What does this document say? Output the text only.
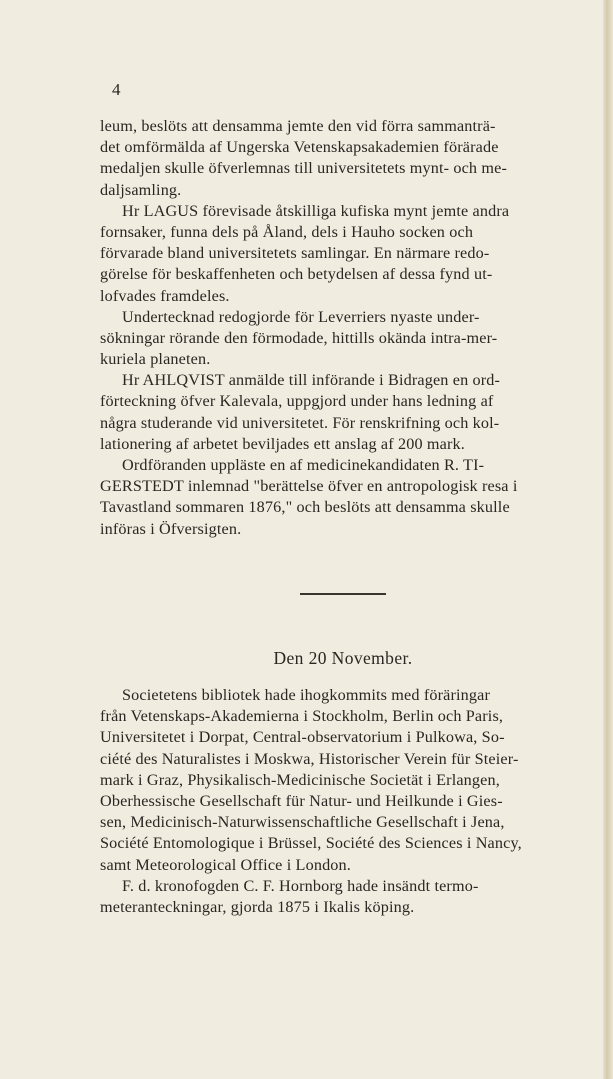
4
leum, beslöts att densamma jemte den vid förra sammanträ-
det omförmälda af Ungerska Vetenskapsakademien förärade
medaljen skulle öfverlemnas till universitetets mynt- och me-
daljsamling.
Hr LAGUS förevisade åtskilliga kufiska mynt jemte andra
fornsaker, funna dels på Åland, dels i Hauho socken och
förvarade bland universitetets samlingar. En närmare redo-
görelse för beskaffenheten och betydelsen af dessa fynd ut-
lofvades framdeles.
Undertecknad redogjorde för Leverriers nyaste under-
sökningar rörande den förmodade, hittills okända intra-mer-
kuriela planeten.
Hr AHLQVIST anmälde till införande i Bidragen en ord-
förteckning öfver Kalevala, uppgjord under hans ledning af
några studerande vid universitetet. För renskrifning och kol-
lationering af arbetet beviljades ett anslag af 200 mark.
Ordföranden uppläste en af medicinekandidaten R. TI-
GERSTEDT inlemnad "berättelse öfver en antropologisk resa i
Tavastland sommaren 1876," och beslöts att densamma skulle
införas i Öfversigten.
Den 20 November.
Societetens bibliotek hade ihogkommits med föräringar
från Vetenskaps-Akademierna i Stockholm, Berlin och Paris,
Universitetet i Dorpat, Central-observatorium i Pulkowa, So-
ciété des Naturalistes i Moskwa, Historischer Verein für Steier-
mark i Graz, Physikalisch-Medicinische Societät i Erlangen,
Oberhessische Gesellschaft für Natur- und Heilkunde i Gies-
sen, Medicinisch-Naturwissenschaftliche Gesellschaft i Jena,
Société Entomologique i Brüssel, Société des Sciences i Nancy,
samt Meteorological Office i London.
F. d. kronofogden C. F. Hornborg hade insändt termo-
meteranteckningar, gjorda 1875 i Ikalis köping.
